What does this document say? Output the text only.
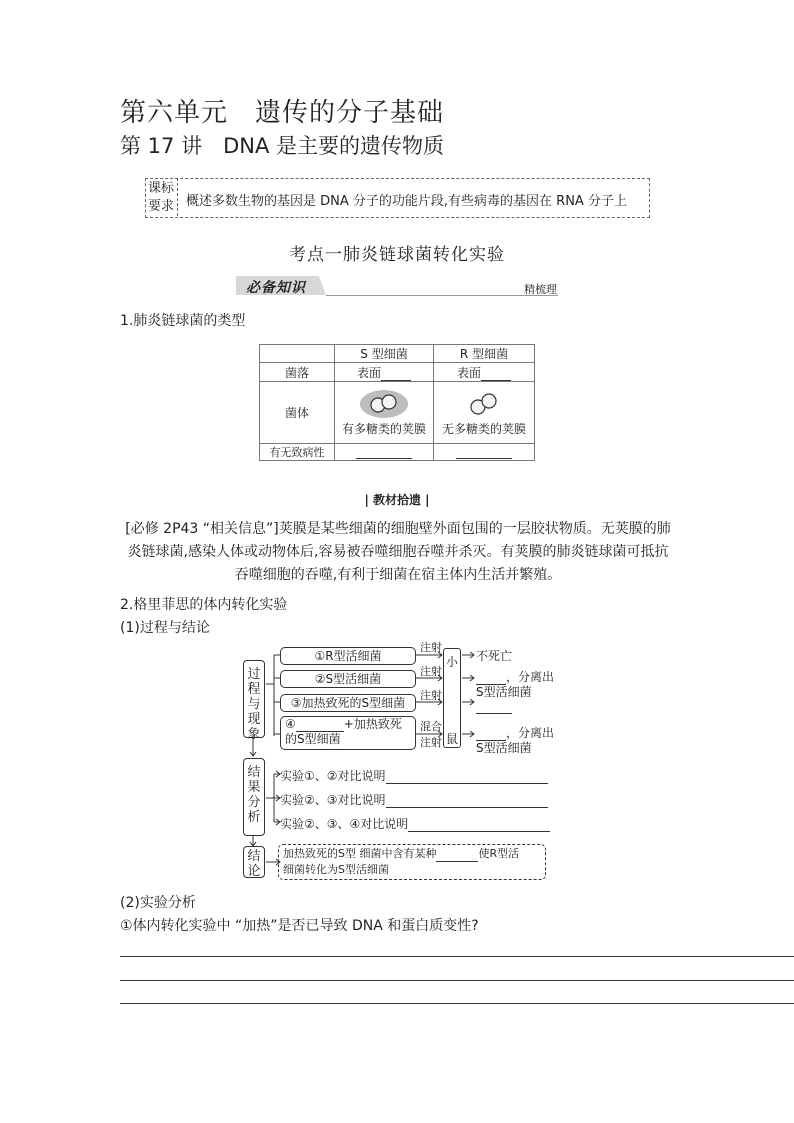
第六单元　遗传的分子基础
第 17 讲　DNA 是主要的遗传物质
课标
要求 概述多数生物的基因是 DNA 分子的功能片段,有些病毒的基因在 RNA 分子上
考点一肺炎链球菌转化实验
必备知识	精梳理
1.肺炎链球菌的类型
	S 型细菌	R 型细菌
菌落	表面	表面
菌体	有多糖类的荚膜	无多糖类的荚膜

有无致病性		
| 教材拾遗 |
[必修 2P43 “相关信息”]荚膜是某些细菌的细胞壁外面包围的一层胶状物质。无荚膜的肺炎链球菌,感染人体或动物体后,容易被吞噬细胞吞噬并杀灭。有荚膜的肺炎链球菌可抵抗吞噬细胞的吞噬,有利于细菌在宿主体内生活并繁殖。
2.格里菲思的体内转化实验
(1)过程与结论
过程与现象
结果分析
结论
①R型活细菌
②S型活细菌
③加热致死的S型细菌
④	+加热致死
的S型细菌
注射
注射
注射
混合
注射
小
鼠
不死亡
，分离出
S型活细菌
，分离出
S型活细菌
实验①、②对比说明
实验②、③对比说明
实验②、③、④对比说明
加热致死的S型 细菌中含有某种	使R型活
细菌转化为S型活细菌
(2)实验分析
①体内转化实验中 “加热”是否已导致 DNA 和蛋白质变性?
